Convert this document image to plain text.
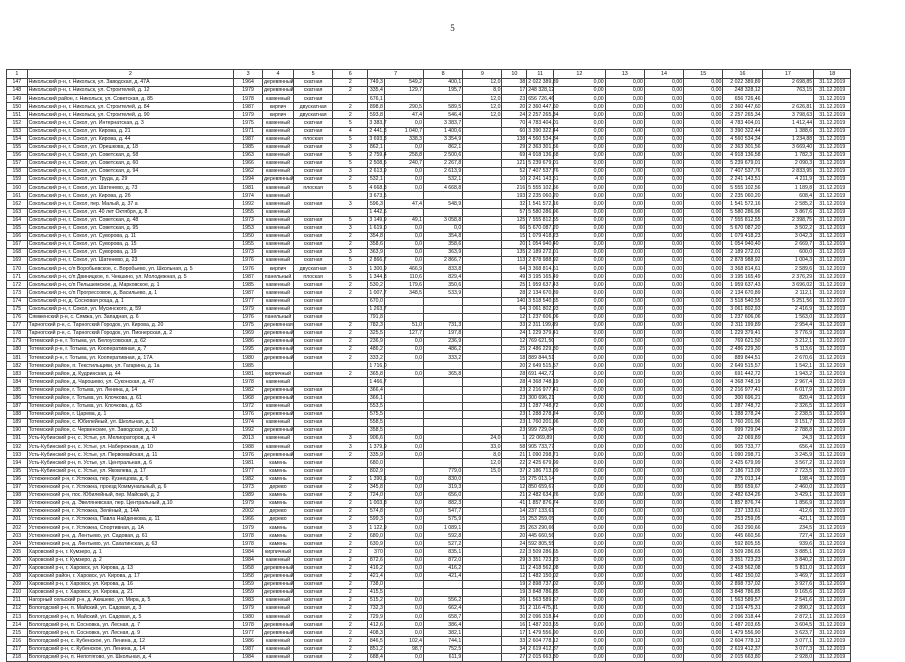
5
1	2	3	4	5	6	7		8	9	10	11	12	13	14	15	16	17	18
147	Никольский р-н, г. Никольск, ул. Заводская, д. 47А	1964	деревянный	скатная	2	749,3	549,2	400,1	12,0	38	2 022 389,89	0,00	0,00	0,00	0,00	2 022 389,89	2 698,85	31.12.2019
148	Никольский р-н, г. Никольск, ул. Строителей, д. 12	1979	деревянный	скатная	2	335,4	129,7	195,7	8,0	17	248 328,12	0,00	0,00	0,00	0,00	248 328,12	763,15	31.12.2019
149	Никольский район, г. Никольск, ул. Советская, д. 85	1978	каменный	скатная		676,1			12,0	23	656 726,46	0,00	0,00	0,00	0,00	656 726,46		31.12.2019
150	Никольский р-н, г. Никольск, ул. Строителей, д. 84	1987	кирпич	двускатная	2	898,8	290,5	589,5	12,0	20	2 360 447,60	0,00	0,00	0,00	0,00	2 360 447,60	2 626,81	31.12.2019
151	Никольский р-н, г. Никольск, ул. Строителей, д. 90	1979	кирпич	двускатная	2	593,8	47,4	546,4	12,0	24	2 257 265,34	0,00	0,00	0,00	0,00	2 257 265,34	3 798,63	31.12.2019
152	Сокольский р-н, г. Сокол, ул. Интернатская, д. 3	1975	каменный	скатная	5	3 383,7	0,0	3 383,7		70	4 783 404,01	0,00	0,00	0,00	0,00	4 783 404,01	1 412,44	31.12.2019
153	Сокольский р-н, г. Сокол, ул. Кирова, д. 21	1971	каменный	скатная	4	2 441,3	1 040,7	1 400,6		60	3 390 322,44	0,00	0,00	0,00	0,00	3 390 322,44	1 388,6	31.12.2019
154	Сокольский р-н, г. Сокол, ул. Кирова, д. 44	1987	каменный	плоская	5	3 693,3	338,3	3 354,9		138	4 560 534,34	0,00	0,00	0,00	0,00	4 560 534,34	1 234,88	31.12.2019
155	Сокольский р-н, г. Сокол, ул. Орешкова, д. 18	1985	каменный	скатная	3	862,1	0,0	862,1		29	2 363 301,56	0,00	0,00	0,00	0,00	2 363 301,56	3 669,40	31.12.2019
156	Сокольский р-н, г. Сокол, ул. Советская, д. 58	1963	каменный	скатная	5	2 759,4	258,8	2 500,6		69	4 918 136,58	0,00	0,00	0,00	0,00	4 918 136,58	1 782,3	31.12.2019
157	Сокольский р-н, г. Сокол, ул. Советская, д. 60	1966	каменный	скатная	5	2 508,5	240,7	2 267,8		121	5 239 679,01	0,00	0,00	0,00	0,00	5 239 679,01	2 090,3	31.12.2019
158	Сокольский р-н, г. Сокол, ул. Советская, д. 94	1962	каменный	скатная	3	2 613,9	0,0	2 613,9		52	7 407 537,76	0,00	0,00	0,00	0,00	7 407 537,76	2 833,95	31.12.2019
159	Сокольский р-н, г. Сокол, ул. Труда, д. 29	1994	деревянный	скатная	2	532,1	0,0	532,1		10	2 241 143,51	0,00	0,00	0,00	0,00	2 241 143,51	4 211,9	31.12.2019
160	Сокольский р-н, г. Сокол, ул. Шатенево, д. 73	1981	каменный	плоская	5	4 668,8	0,0	4 668,8		216	5 555 102,56	0,00	0,00	0,00	0,00	5 555 102,56	1 189,8	31.12.2019
161	Сокольский р-н, г. Сокол, ул. Кирова, д. 2б	1974	каменный			3 673,5				193	2 235 060,20	0,00	0,00	0,00	0,00	2 235 060,20	608,4	31.12.2019
162	Сокольский р-н, г. Сокол, пер. Малый, д. 37 а	1992	каменный	скатная	3	596,3	47,4	548,9		32	1 541 572,16	0,00	0,00	0,00	0,00	1 541 572,16	2 585,2	31.12.2019
163	Сокольский р-н, г. Сокол, ул. 40 лет Октября, д. 8	1955	каменный			1 442,6				57	5 580 286,96	0,00	0,00	0,00	0,00	5 580 286,96	3 867,6	31.12.2019
164	Сокольский р-н, г. Сокол, ул. Советская, д. 48	1973	каменный	скатная	5	3 149,9	49,1	3 058,8		125	7 555 812,55	0,00	0,00	0,00	0,00	7 555 812,55	2 398,75	31.12.2019
165	Сокольский р-н, г. Сокол, ул. Советская, д. 95	1953	каменный	скатная	3	1 619,0	0,0	0,0		66	5 670 087,20	0,00	0,00	0,00	0,00	5 670 087,20	3 502,2	31.12.2019
166	Сокольский р-н, г. Сокол, ул. Суворова, д. 11	1950	каменный	скатная	2	354,8	0,0	354,8		15	1 079 418,23	0,00	0,00	0,00	0,00	1 079 418,23	3 042,3	31.12.2019
167	Сокольский р-н, г. Сокол, ул. Суворова, д. 15	1955	каменный	скатная	2	358,6	0,0	358,6		20	1 054 940,40	0,00	0,00	0,00	0,00	1 054 940,40	2 669,7	31.12.2019
168	Сокольский р-н, г. Сокол, ул. Суворова, д. 19	1973	каменный	скатная	3	363,9	0,0	363,9		135	2 189 272,01	0,00	0,00	0,00	0,00	2 189 272,01	600,0	31.12.2019
169	Сокольский р-н, г. Сокол, ул. Шатенево, д. 23	1976	каменный	скатная	5	2 866,7	0,0	2 866,7		113	2 878 988,92	0,00	0,00	0,00	0,00	2 878 988,92	1 004,3	31.12.2019
170	Сокольский р-н, с/п Воробьевское, с. Воробьево, ул. Школьная, д. 5	1976	кирпич	двускатная	3	1 300,9	466,9	833,8		64	3 368 814,61	0,00	0,00	0,00	0,00	3 368 814,61	2 589,6	31.12.2019
171	Сокольский р-н, с/п Двиницкое, п. Чекшино, ул. Молодежная, д. 5	1987	панельный	плоская	5	1 344,8	110,6	829,4		49	3 195 165,49	0,00	0,00	0,00	0,00	3 195 165,49	2 376,29	31.12.2019
172	Сокольский р-н, с/п Пельшемское, д. Марковское, д. 1	1985	каменный	скатная	2	530,2	179,6	350,6		25	1 959 637,43	0,00	0,00	0,00	0,00	1 959 637,43	3 696,02	31.12.2019
173	Сокольский р-н, с/п Прогрессовое, д. Васильево, д. 1	1987	каменный	скатная	2	1 007,7	348,5	533,9		28	2 134 670,89	0,00	0,00	0,00	0,00	2 134 670,89	2 112,1	31.12.2019
174	Сокольский р-н, д. Сосновая роща, д. 1	1977	каменный	скатная		670,0				140	3 518 540,55	0,00	0,00	0,00	0,00	3 518 540,55	5 251,56	31.12.2019
175	Сокольский р-н, г. Сокол, ул. Мусинского, д. 59	1979	каменный	скатная		1 263,7				64	3 061 802,93	0,00	0,00	0,00	0,00	3 061 802,93	2 416,9	31.12.2019
176	Сямженский р-н, с. Сямжа, ул. Западная, д. 6	1976	панельный	скатная		791,8				12	1 237 606,06	0,00	0,00	0,00	0,00	1 237 606,06	1 563,0	31.12.2019
177	Тарногский р-н, с. Тарногский Городок, ул. Кирова, д. 20	1975	деревянная	скатная	2	782,3	51,0	731,3		33	2 311 199,89	0,00	0,00	0,00	0,00	2 311 199,89	2 954,4	31.12.2019
178	Тарногский р-н, с. Тарногский Городок, ул. Пионерская, д. 2	1969	деревянный	скатная	2	325,5	127,7	197,8		24	1 229 379,41	0,00	0,00	0,00	0,00	1 229 379,41	3 776,9	31.12.2019
179	Тотемский р-н, г. Тотьма, ул. Белоусовская, д. 62	1986	деревянный	скатная	2	236,9	0,0	236,9		12	769 621,50	0,00	0,00	0,00	0,00	769 621,50	3 212,1	31.12.2019
180	Тотемский р-н, г. Тотьма, ул. Кооперативная, д. 7	1995	деревянный	скатная	2	486,2	0,0	486,2		25	2 486 229,30	0,00	0,00	0,00	0,00	2 486 229,30	5 113,6	31.12.2019
181	Тотемский р-н, г. Тотьма, ул. Кооперативная, д. 17А	1980	деревянный	скатная	2	333,2	0,0	333,2		18	889 844,51	0,00	0,00	0,00	0,00	889 844,51	2 670,6	31.12.2019
182	Тотемский район, п. Текстильщики, ул. Гагарина, д. 1а	1985				1 716,0				20	2 649 515,57	0,00	0,00	0,00	0,00	2 649 515,57	1 542,1	31.12.2019
183	Тотемский район, д. Кудринская, д. 44	1981	кирпичный	скатная	2	365,8	0,0	365,8		28	691 442,72	0,00	0,00	0,00	0,00	691 442,72	1 943,2	31.12.2019
184	Тотемский район, д. Чарошево, ул. Суконская, д. 47	1978	каменный			1 466,7				28	4 368 748,19	0,00	0,00	0,00	0,00	4 368 748,19	2 967,4	31.12.2019
185	Тотемский район, г. Тотьма, ул. Ленина, д. 14	1982	деревянный	скатная		366,4				23	2 216 977,41	0,00	0,00	0,00	0,00	2 216 977,41	6 017,9	31.12.2019
186	Тотемский район, г. Тотьма, ул. Клочкова, д. 61	1968	деревянный	скатная		366,1				23	300 696,21	0,00	0,00	0,00	0,00	300 696,21	820,4	31.12.2019
187	Тотемский район, г. Тотьма, ул. Клочкова, д. 63	1972	каменный	скатная		553,5				23	1 287 748,72	0,00	0,00	0,00	0,00	1 287 748,72	2 326,5	31.12.2019
188	Тотемский район, г. Царева, д. 1	1976	деревянный	скатная		575,5				23	1 288 278,24	0,00	0,00	0,00	0,00	1 288 278,24	2 238,5	31.12.2019
189	Тотемский район, с. Юбилейный, ул. Школьная, д. 1	1974	каменный	скатная		558,5				23	1 760 201,96	0,00	0,00	0,00	0,00	1 760 201,96	3 151,7	31.12.2019
190	Тотемский район, с. Червенские, ул. Заводская, д. 10	1992	деревянный	скатная		358,5				23	999 729,04	0,00	0,00	0,00	0,00	999 729,04	2 788,8	31.12.2019
191	Усть-Кубинский р-н, с. Устье, ул. Мелиораторов, д. 4	2013	каменный	скатная	3	906,6	0,0		24,0	1	22 069,89	0,00	0,00	0,00	0,00	22 069,89	24,3	31.12.2019
192	Усть-Кубинский р-н, с. Устье, ул. Набережная, д. 10	1988	каменный	скатная	3	1 379,9	0,0		33,0	58	905 733,77	0,00	0,00	0,00	0,00	905 733,77	656,4	31.12.2019
193	Усть-Кубинский р-н, с. Устье, ул. Первомайская, д. 11	1976	деревянный	скатная	2	335,9	0,0		8,0	21	1 090 298,71	0,00	0,00	0,00	0,00	1 090 298,71	3 245,9	31.12.2019
194	Усть-Кубинский р-н, п. Устье, ул. Центральная, д. 6	1981	камень	скатная		680,0			12,0	22	2 425 679,99	0,00	0,00	0,00	0,00	2 425 679,99	3 567,2	31.12.2019
195	Усть-Кубинский р-н, с. Устье, ул. Яковлева, д. 17	1977	камень	скатная		802,9		779,0	15,0	37	2 186 713,09	0,00	0,00	0,00	0,00	2 186 713,09	2 723,5	31.12.2019
196	Устюженский р-н, г. Устюжна, пер. Кузнецова, д. 6	1982	камень	скатная	2	1 390,1	0,0	830,0		15	275 013,14	0,00	0,00	0,00	0,00	275 013,14	198,4	31.12.2019
197	Устюженский р-н, г. Устюжна, проезд Коммунальный, д. 6	1973	дерево	скатная	2	345,8	0,0	319,3		12	850 659,67	0,00	0,00	0,00	0,00	850 659,67	2 460,0	31.12.2019
198	Устюженский р-н, пос. Юбилейный, пер. Майский, д. 2	1989	камень	скатная	2	724,0	0,0	656,0		21	2 482 634,26	0,00	0,00	0,00	0,00	2 482 634,26	3 429,1	31.12.2019
199	Устюженский р-н, д. Эвеляневская, пер. Центральный, д.10	1979	камень	скатная	2	1 003,8	0,0	882,3		41	1 857 876,74	0,00	0,00	0,00	0,00	1 857 876,74	1 856,9	31.12.2019
200	Устюженский р-н, г. Устюжна, Зелёный, д. 14А	2002	дерево	скатная	2	574,8	0,0	547,7		14	237 133,61	0,00	0,00	0,00	0,00	237 133,61	412,6	31.12.2019
201	Устюженский р-н, г. Устюжна, Павла Найденкова, д. 11	1966	дерево	скатная	2	599,3	0,0	575,9		15	253 259,05	0,00	0,00	0,00	0,00	253 259,05	421,1	31.12.2019
202	Устюженский р-н, г. Устюжна, Спортивная, д. 1А	1979	камень	скатная	3	1 122,9	0,0	1 089,1		35	263 290,66	0,00	0,00	0,00	0,00	263 290,66	234,5	31.12.2019
203	Устюженский р-н, д. Лентьево, ул. Садовая, д. 61	1978	камень	скатная	2	680,0	0,0	592,8		20	445 660,56	0,00	0,00	0,00	0,00	445 660,56	727,4	31.12.2019
204	Устюженский р-н, д. Лентьево, ул. Сахатинская, д. 63	1978	камень	скатная	2	630,9	0,0	527,2		24	592 805,55	0,00	0,00	0,00	0,00	592 805,55	939,6	31.12.2019
205	Харовский р-н, г. Кумзеро, д. 1	1984	кирпичный	скатная	2	370	0,0	835,1		22	3 509 286,65	0,00	0,00	0,00	0,00	3 509 286,65	3 885,1	31.12.2019
206	Харовский р-н, г. Кумзеро, д. 2	1984	каменный	скатная	2	872,6	0,0	872,0		29	3 351 723,23	0,00	0,00	0,00	0,00	3 351 723,23	3 840,2	31.12.2019
207	Харовский р-н, г. Харовск, ул. Кирова, д. 13	1958	деревянный	скатная	2	416,2	0,0	416,2		11	2 418 562,08	0,00	0,00	0,00	0,00	2 418 562,08	5 811,0	31.12.2019
208	Харовский район, г. Харовск, ул. Кирова, д. 17	1958	деревянный	скатная	2	421,4	0,0	421,4		12	1 482 150,02	0,00	0,00	0,00	0,00	1 482 150,02	3 469,7	31.12.2019
209	Харовский р-н, г. Харовск, ул. Кирова, д. 16	1959	деревянный	скатная	2	738,0				19	2 898 737,02	0,00	0,00	0,00	0,00	2 898 737,02	3 927,6	31.12.2019
210	Харовский р-н, г. Харовск, ул. Кирова, д. 21	1959	деревянный	скатная	2	415,5				19	3 848 786,85	0,00	0,00	0,00	0,00	3 848 786,85	9 165,6	31.12.2019
211	Нагорный сельский р-н, д. Акишево, ул. Мира, д. 5	1983	каменный	скатная	2	515,2	0,0	556,2		26	1 563 589,57	0,00	0,00	0,00	0,00	1 563 589,57	2 541,6	31.12.2019
212	Вологодский р-н, п. Майский, ул. Садовая, д. 3	1979	каменный	скатная	2	732,3	0,0	662,4		31	2 116 475,31	0,00	0,00	0,00	0,00	2 116 475,31	2 890,2	31.12.2019
213	Вологодский р-н, п. Майский, ул. Садовая, д. 5	1980	каменный	скатная	2	729,9	0,0	658,7		30	2 096 318,44	0,00	0,00	0,00	0,00	2 096 318,44	2 872,1	31.12.2019
214	Вологодский р-н, п. Сосновка, ул. Лесная, д. 7	1978	деревянный	скатная	2	412,6	0,0	386,4		16	1 487 203,65	0,00	0,00	0,00	0,00	1 487 203,65	3 604,5	31.12.2019
215	Вологодский р-н, п. Сосновка, ул. Лесная, д. 9	1977	деревянный	скатная	2	408,3	0,0	382,1		17	1 479 556,90	0,00	0,00	0,00	0,00	1 479 556,90	3 623,7	31.12.2019
216	Вологодский р-н, с. Кубенское, ул. Ленина, д. 12	1986	каменный	скатная	2	846,5	102,4	744,1		33	2 604 778,12	0,00	0,00	0,00	0,00	2 604 778,12	3 077,1	31.12.2019
217	Вологодский р-н, с. Кубенское, ул. Ленина, д. 14	1987	каменный	скатная	2	851,2	98,7	752,5		34	2 619 412,37	0,00	0,00	0,00	0,00	2 619 412,37	3 077,3	31.12.2019
218	Вологодский р-н, п. Непотягово, ул. Школьная, д. 4	1984	каменный	скатная	2	688,4	0,0	611,9		27	2 015 663,80	0,00	0,00	0,00	0,00	2 015 663,80	2 928,0	31.12.2019
